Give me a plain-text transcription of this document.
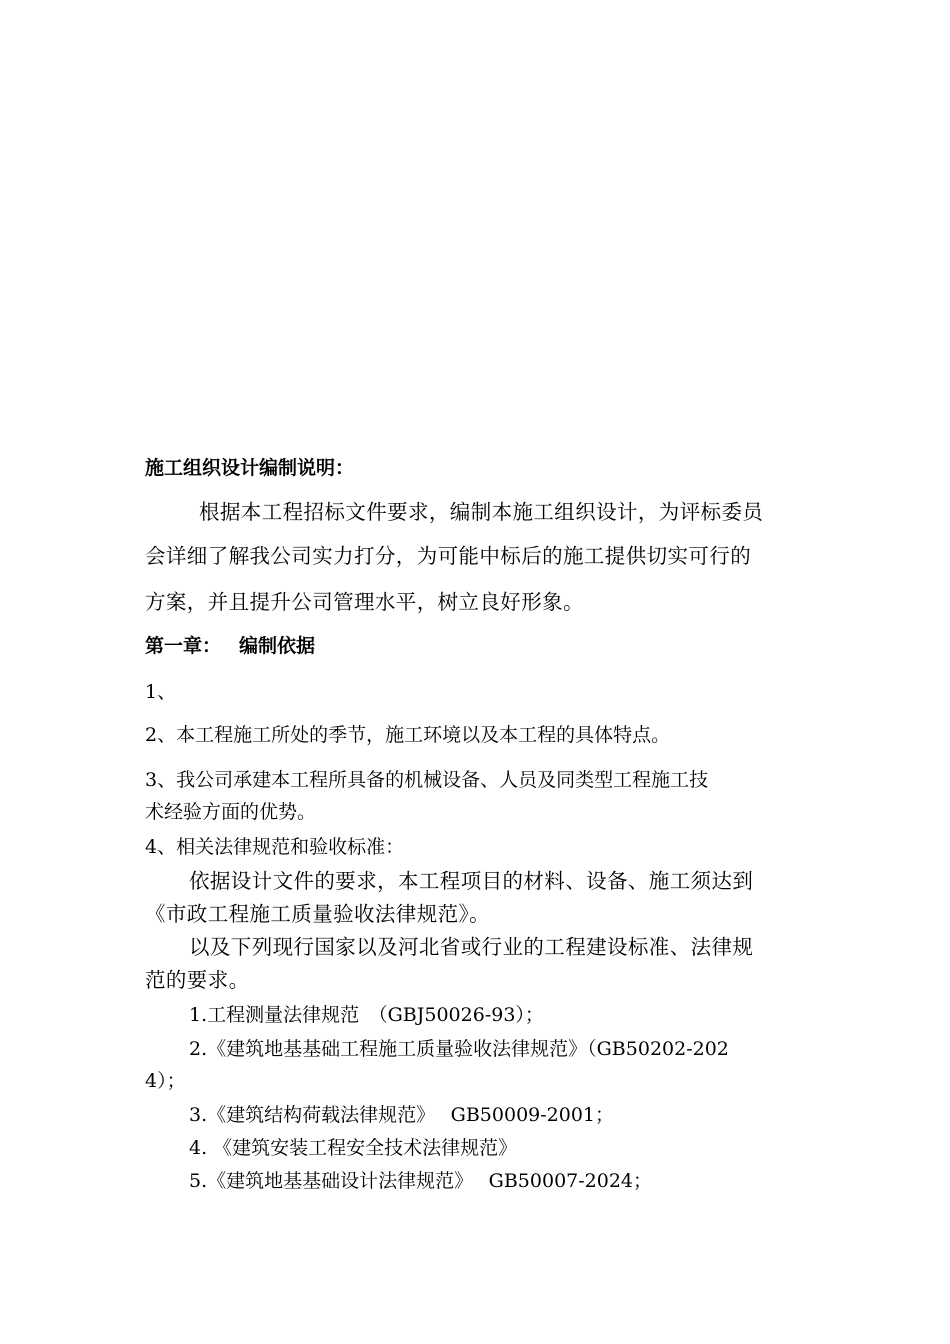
施工组织设计编制说明：
根据本工程招标文件要求，编制本施工组织设计，为评标委员
会详细了解我公司实力打分，为可能中标后的施工提供切实可行的
方案，并且提升公司管理水平，树立良好形象。
第一章： 编制依据
1、
2、本工程施工所处的季节，施工环境以及本工程的具体特点。
3、我公司承建本工程所具备的机械设备、人员及同类型工程施工技
术经验方面的优势。
4、相关法律规范和验收标准：
依据设计文件的要求，本工程项目的材料、设备、施工须达到
《市政工程施工质量验收法律规范》。
以及下列现行国家以及河北省或行业的工程建设标准、法律规
范的要求。
1.工程测量法律规范　（GBJ50026-93）；
2.《建筑地基基础工程施工质量验收法律规范》（GB50202-202
4）；
3.《建筑结构荷载法律规范》　 GB50009-2001；
4. 《建筑安装工程安全技术法律规范》
5.《建筑地基基础设计法律规范》　 GB50007-2024；
